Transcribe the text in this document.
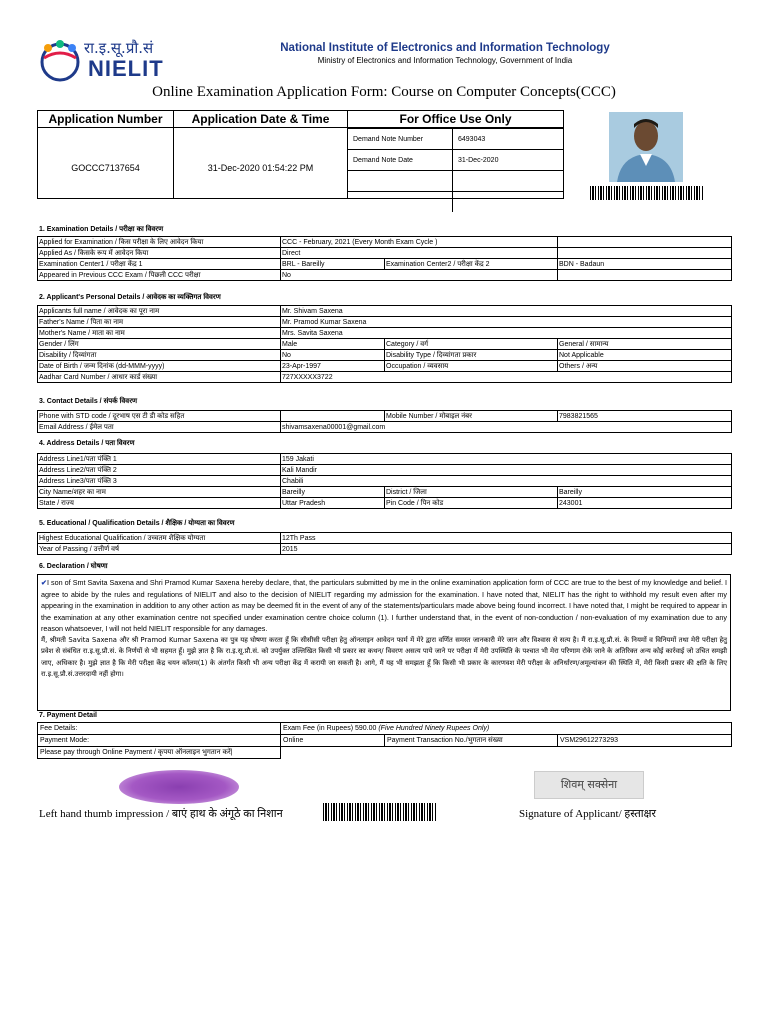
रा.इ.सू.प्रौ.सं
NIELIT
National Institute of Electronics and Information Technology
Ministry of Electronics and Information Technology, Government of India
Online Examination Application Form: Course on Computer Concepts(CCC)
Application Number
GOCCC7137654
Application Date & Time
31-Dec-2020 01:54:22 PM
For Office Use Only
Demand Note Number	6493043
Demand Note Date	31-Dec-2020

1. Examination Details / परीक्षा का विवरण
Applied for Examination / किस परीक्षा के लिए आवेदन किया	CCC - February, 2021 (Every Month Exam Cycle )		
Applied As / किसके रूप में आवेदन किया	Direct		
Examination Center1 / परीक्षा केंद्र 1	BRL - Bareilly	Examination Center2 / परीक्षा केंद्र 2	BDN - Badaun
Appeared in Previous CCC Exam / पिछली CCC परीक्षा	No		
2. Applicant's Personal Details / आवेदक का व्यक्तिगत विवरण
Applicants full name / आवेदक का पूरा नाम	Mr. Shivam Saxena		
Father's Name / पिता का नाम	Mr. Pramod Kumar Saxena		
Mother's Name / माता का नाम	Mrs. Savita Saxena		
Gender / लिंग	Male	Category / वर्ग	General / सामान्य
Disability / दिव्यांगता	No	Disability Type / दिव्यांगता प्रकार	Not Applicable
Date of Birth / जन्म दिनांक (dd-MMM-yyyy)	23-Apr-1997	Occupation / व्यवसाय	Others / अन्य
Aadhar Card Number / आधार कार्ड संख्या	727XXXXX3722		
3. Contact Details / संपर्क विवरण
Phone with STD code / दूरभाष एस टी डी कोड सहित		Mobile Number / मोबाइल नंबर	7983821565
Email Address / ईमेल पता	shivamsaxena00001@gmail.com		
4. Address Details / पता विवरण
Address Line1/पता पंक्ति 1	159 Jakati		
Address Line2/पता पंक्ति 2	Kali Mandir		
Address Line3/पता पंक्ति 3	Chabili		
City Name/शहर का नाम	Bareilly	District / जिला	Bareilly
State / राज्य	Uttar Pradesh	Pin Code / पिन कोड	243001
5. Educational / Qualification Details / शैक्षिक / योग्यता का विवरण
Highest Educational Qualification / उच्चतम शैक्षिक योग्यता	12Th Pass
Year of Passing / उत्तीर्ण वर्ष	2015
6. Declaration / घोषणा

✔I son of Smt Savita Saxena and Shri Pramod Kumar Saxena hereby declare, that, the particulars submitted by me in the online examination application form of CCC are true to the best of my knowledge and belief. I agree to abide by the rules and regulations of NIELIT and also to the decision of NIELIT regarding my admission for the examination. I have noted that, NIELIT has the right to withhold my result even after my appearing in the examination in addition to any other action as may be deemed fit in the event of any of the statements/particulars made above being found incorrect. I have noted that, I might be required to appear in the examination at any other examination centre not specified under examination centre choice column (1). I further understand that, in the event of non-conduction / non-evaluation of my examination due to any reason whatsoever, I will not held NIELIT responsible for any damages.

मैं, श्रीमती Savita Saxena और श्री Pramod Kumar Saxena का पुत्र यह घोषणा करता हूँ कि सीसीसी परीक्षा हेतु ऑनलाइन आवेदन फार्म में मेरे द्वारा वर्णित समस्त जानकारी मेरे जान और विश्वास से सत्य है। मैं रा.इ.सू.प्रौ.सं. के नियमों व विनियमों तथा मेरी परीक्षा हेतु प्रवेश से संबंधित रा.इ.सू.प्रौ.सं. के निर्णयों से भी सहमत हूँ। मुझे ज्ञात है कि रा.इ.सू.प्रौ.सं. को उपर्युक्त उल्लिखित किसी भी प्रकार का कथन/ विवरण असत्य पाये जाने पर परीक्षा में मेरी उपस्थिति के पश्चात भी मेरा परिणाम रोके जाने के अतिरिक्त अन्य कोई कार्रवाई जो उचित समझी जाए, अधिकार है। मुझे ज्ञात है कि मेरी परीक्षा केंद्र चयन कॉलम(1) के अंतर्गत किसी भी अन्य परीक्षा केंद्र में करायी जा सकती है। आगे, मैं यह भी समझता हूँ कि किसी भी प्रकार के कारणवश मेरी परीक्षा के अनिर्धारण/अमूल्यांकन की स्थिति में, मेरी किसी प्रकार की क्षति के लिए रा.इ.सू.प्रौ.सं.उत्तरदायी नहीं होगा।

7. Payment Detail
Fee Details:	Exam Fee (in Rupees) 590.00 (Five Hundred Ninety Rupees Only)		
Payment Mode:	Online	Payment Transaction No./भुगतान संख्या	VSM29612273293
Please pay through Online Payment / कृपया ऑनलाइन भुगतान करें|			
शिवम् सक्सेना
Left hand thumb impression / बाएं हाथ के अंगूठे का निशान	Signature of Applicant/ हस्ताक्षर
